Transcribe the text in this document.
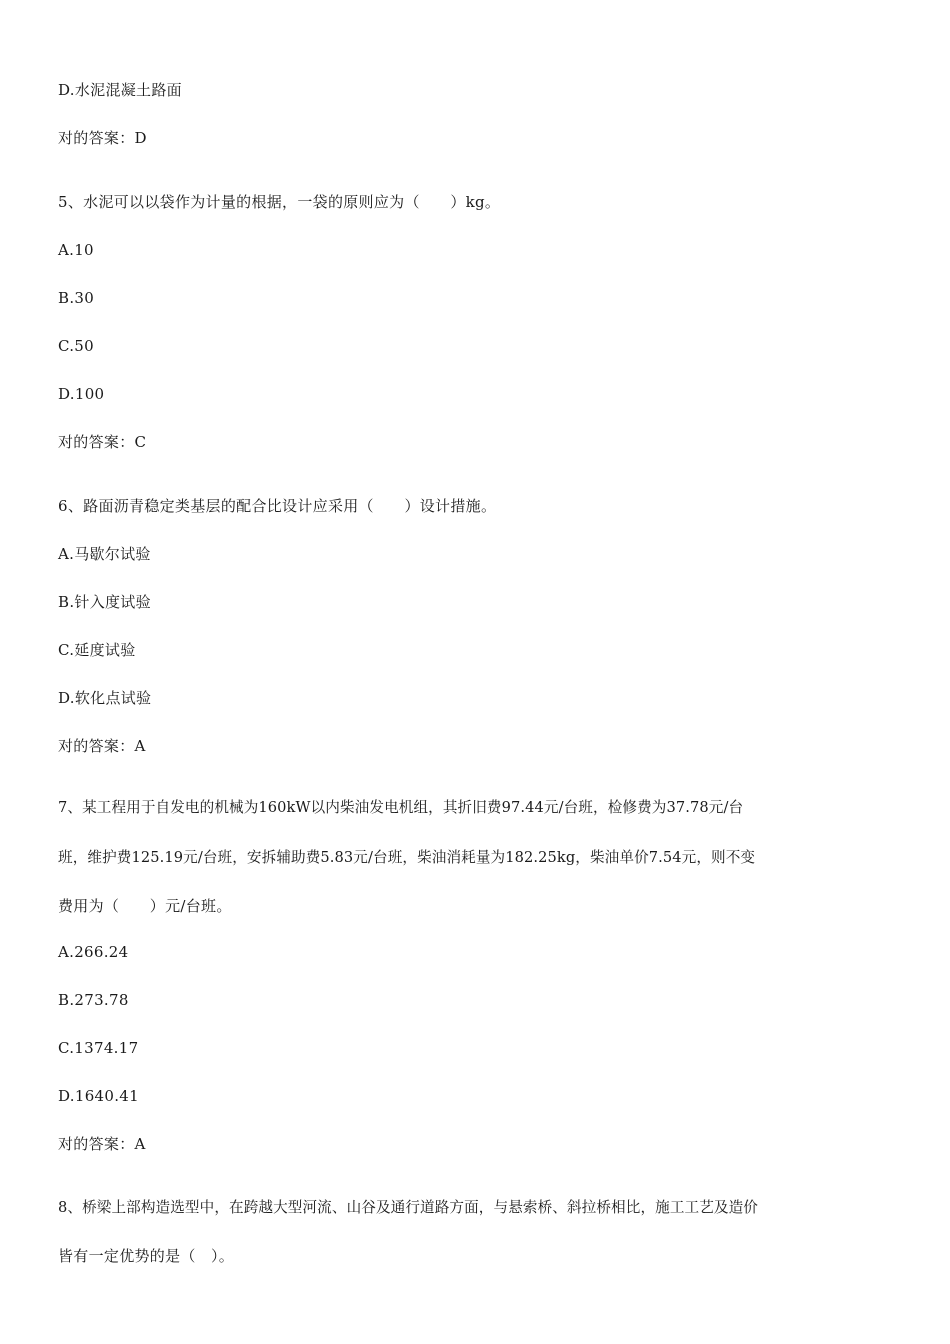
D.水泥混凝土路面
对的答案：D
5、水泥可以以袋作为计量的根据，一袋的原则应为（　　）kg。
A.10
B.30
C.50
D.100
对的答案：C
6、路面沥青稳定类基层的配合比设计应采用（　　）设计措施。
A.马歇尔试验
B.针入度试验
C.延度试验
D.软化点试验
对的答案：A
7、某工程用于自发电的机械为160kW以内柴油发电机组，其折旧费97.44元/台班，检修费为37.78元/台
班，维护费125.19元/台班，安拆辅助费5.83元/台班，柴油消耗量为182.25kg，柴油单价7.54元，则不变
费用为（　　）元/台班。
A.266.24
B.273.78
C.1374.17
D.1640.41
对的答案：A
8、桥梁上部构造选型中，在跨越大型河流、山谷及通行道路方面，与悬索桥、斜拉桥相比，施工工艺及造价
皆有一定优势的是（　）。
